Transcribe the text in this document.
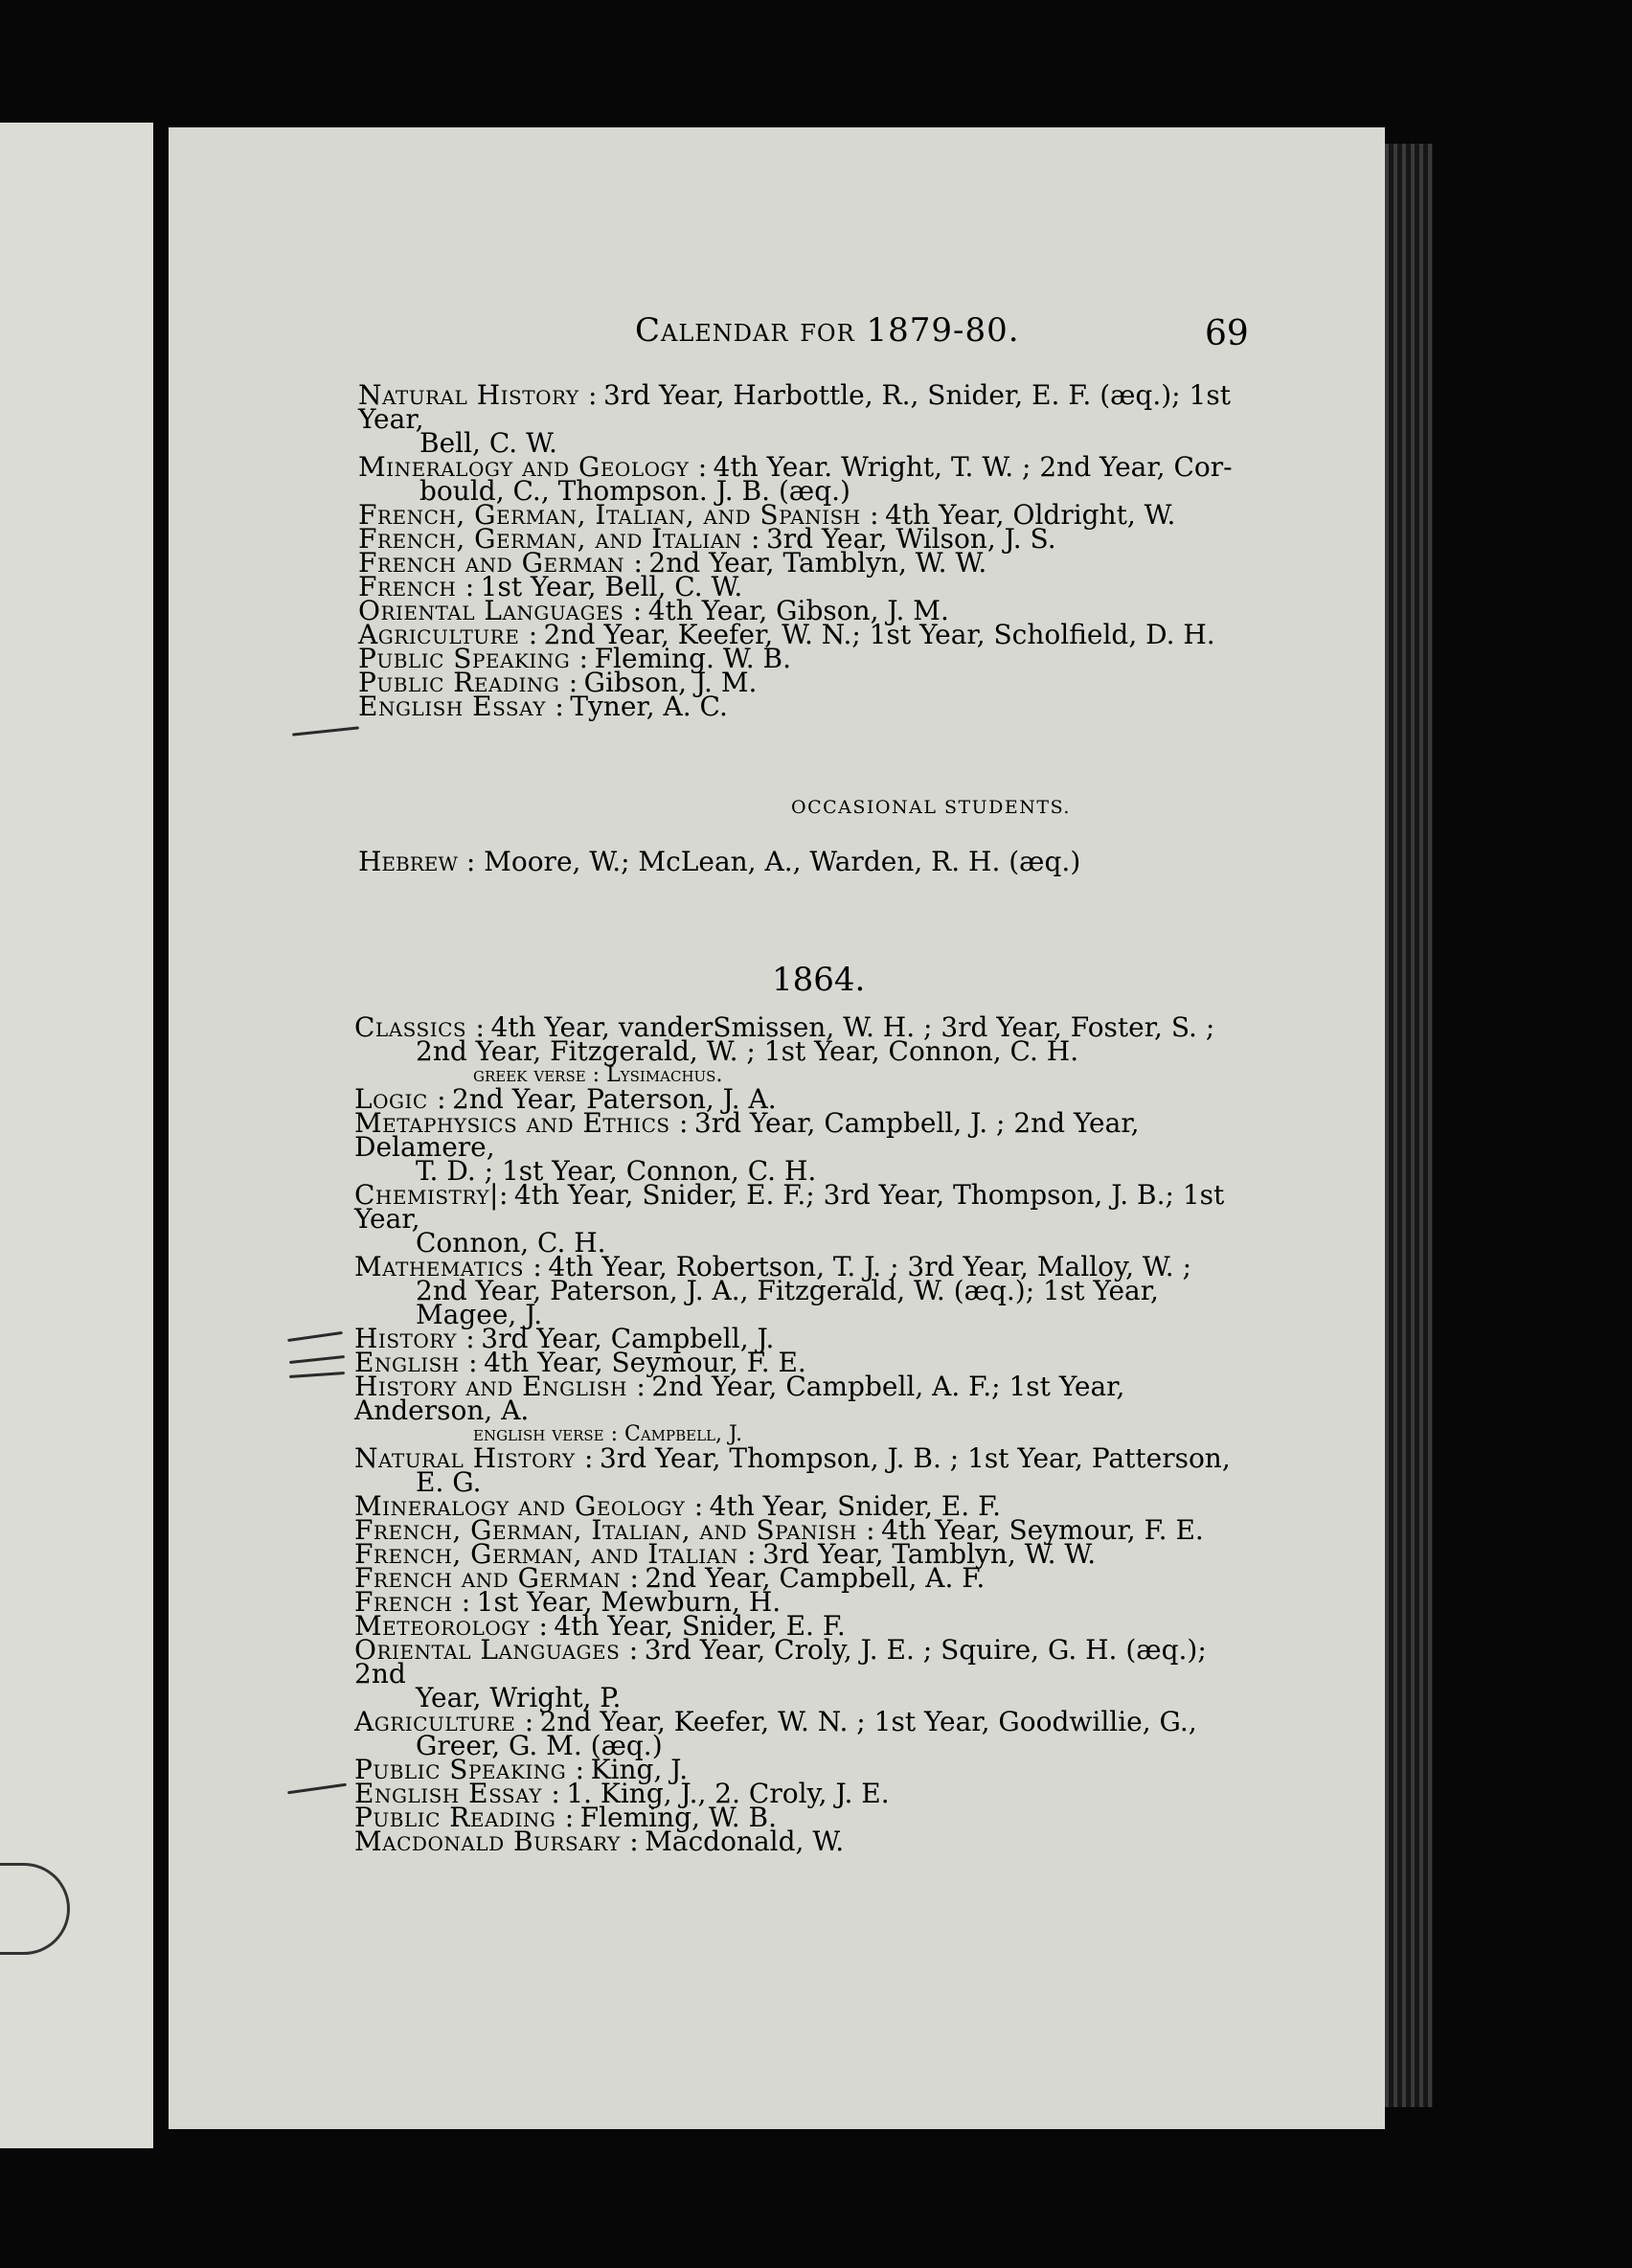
Calendar for 1879-80.	69
Natural History : 3rd Year, Harbottle, R., Snider, E. F. (æq.); 1st Year,
Bell, C. W.
Mineralogy and Geology : 4th Year. Wright, T. W. ; 2nd Year, Cor-
bould, C., Thompson. J. B. (æq.)
French, German, Italian, and Spanish : 4th Year, Oldright, W.
French, German, and Italian : 3rd Year, Wilson, J. S.
French and German : 2nd Year, Tamblyn, W. W.
French : 1st Year, Bell, C. W.
Oriental Languages : 4th Year, Gibson, J. M.
Agriculture : 2nd Year, Keefer, W. N.; 1st Year, Scholfield, D. H.
Public Speaking : Fleming. W. B.
Public Reading : Gibson, J. M.
English Essay : Tyner, A. C.
OCCASIONAL STUDENTS.
Hebrew : Moore, W.; McLean, A., Warden, R. H. (æq.)
1864.
Classics : 4th Year, vanderSmissen, W. H. ; 3rd Year, Foster, S. ;
2nd Year, Fitzgerald, W. ; 1st Year, Connon, C. H.
greek verse : Lysimachus.
Logic : 2nd Year, Paterson, J. A.
Metaphysics and Ethics : 3rd Year, Campbell, J. ; 2nd Year, Delamere,
T. D. ; 1st Year, Connon, C. H.
Chemistry|: 4th Year, Snider, E. F.; 3rd Year, Thompson, J. B.; 1st Year,
Connon, C. H.
Mathematics : 4th Year, Robertson, T. J. ; 3rd Year, Malloy, W. ;
2nd Year, Paterson, J. A., Fitzgerald, W. (æq.); 1st Year, Magee, J.
History : 3rd Year, Campbell, J.
English : 4th Year, Seymour, F. E.
History and English : 2nd Year, Campbell, A. F.; 1st Year, Anderson, A.
english verse : Campbell, J.
Natural History : 3rd Year, Thompson, J. B. ; 1st Year, Patterson,
E. G.
Mineralogy and Geology : 4th Year, Snider, E. F.
French, German, Italian, and Spanish : 4th Year, Seymour, F. E.
French, German, and Italian : 3rd Year, Tamblyn, W. W.
French and German : 2nd Year, Campbell, A. F.
French : 1st Year, Mewburn, H.
Meteorology : 4th Year, Snider, E. F.
Oriental Languages : 3rd Year, Croly, J. E. ; Squire, G. H. (æq.); 2nd
Year, Wright, P.
Agriculture : 2nd Year, Keefer, W. N. ; 1st Year, Goodwillie, G.,
Greer, G. M. (æq.)
Public Speaking : King, J.
English Essay : 1. King, J., 2. Croly, J. E.
Public Reading : Fleming, W. B.
Macdonald Bursary : Macdonald, W.
